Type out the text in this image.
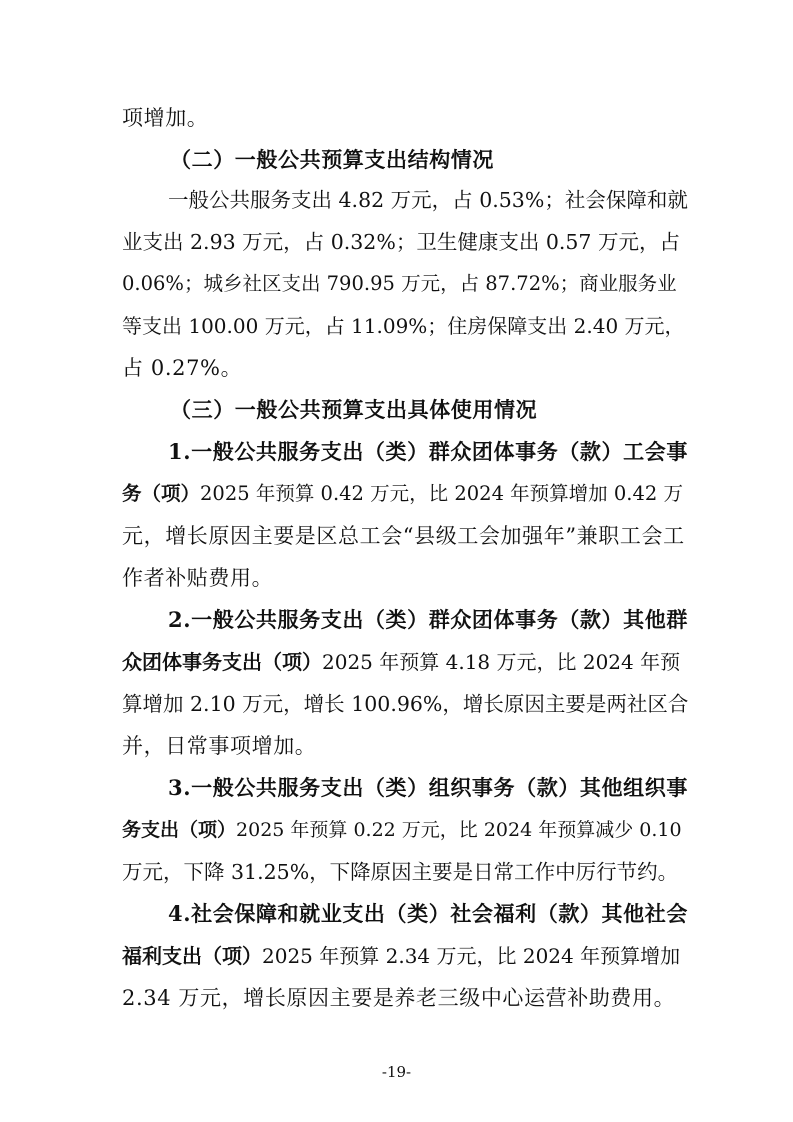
项增加。
（二）一般公共预算支出结构情况
一般公共服务支出 4.82 万元，占 0.53%；社会保障和就
业支出 2.93 万元，占 0.32%；卫生健康支出 0.57 万元，占
0.06%；城乡社区支出 790.95 万元，占 87.72%；商业服务业
等支出 100.00 万元，占 11.09%；住房保障支出 2.40 万元，
占 0.27%。
（三）一般公共预算支出具体使用情况
1.一般公共服务支出（类）群众团体事务（款）工会事
务（项）2025 年预算 0.42 万元，比 2024 年预算增加 0.42 万
元，增长原因主要是区总工会“县级工会加强年”兼职工会工
作者补贴费用。
2.一般公共服务支出（类）群众团体事务（款）其他群
众团体事务支出（项）2025 年预算 4.18 万元，比 2024 年预
算增加 2.10 万元，增长 100.96%，增长原因主要是两社区合
并，日常事项增加。
3.一般公共服务支出（类）组织事务（款）其他组织事
务支出（项）2025 年预算 0.22 万元，比 2024 年预算减少 0.10
万元，下降 31.25%，下降原因主要是日常工作中厉行节约。
4.社会保障和就业支出（类）社会福利（款）其他社会
福利支出（项）2025 年预算 2.34 万元，比 2024 年预算增加
2.34 万元，增长原因主要是养老三级中心运营补助费用。
-19-
